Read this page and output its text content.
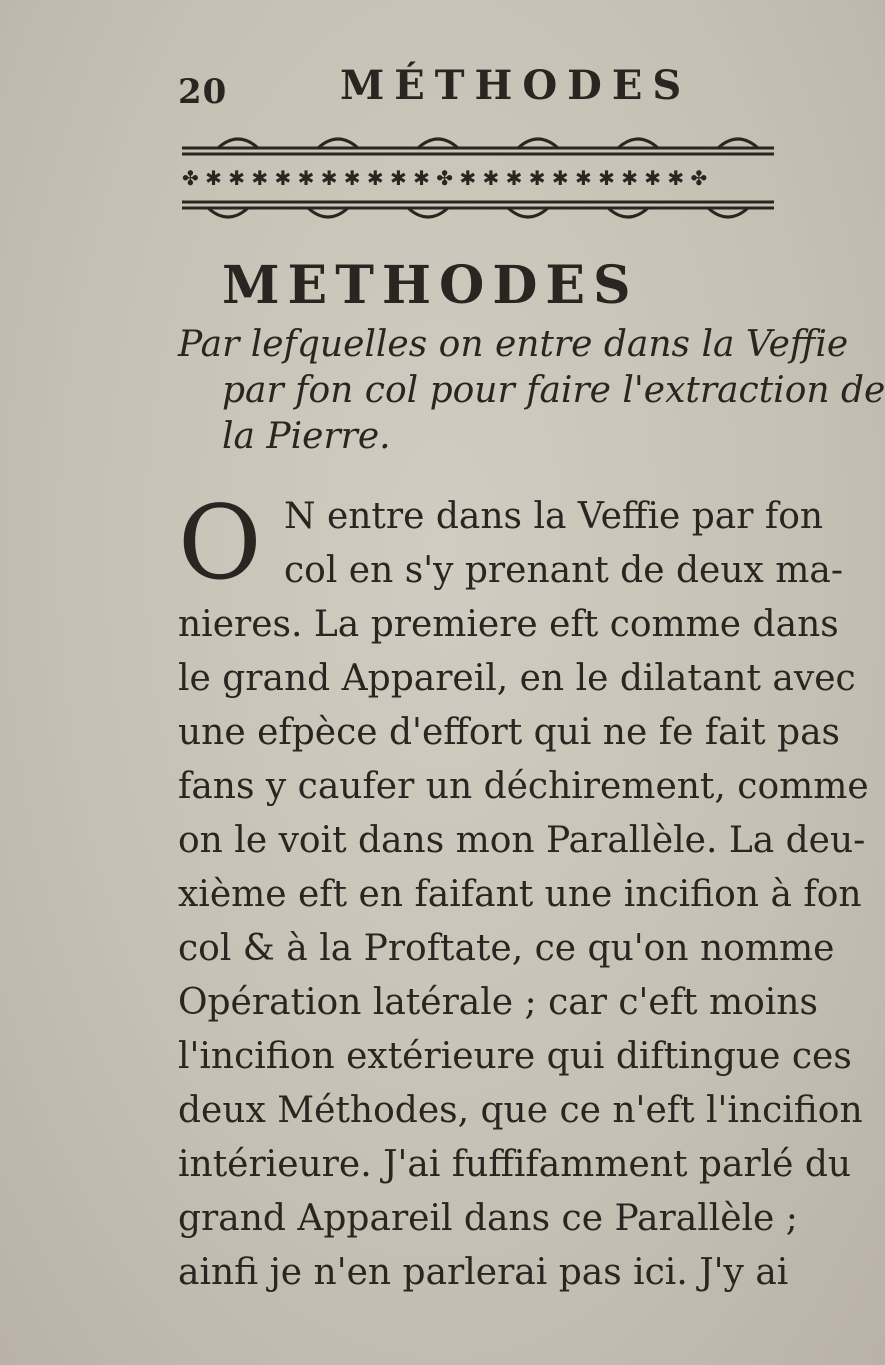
20	MÉTHODES
✤ ✱ ✱ ✱ ✱ ✱ ✱ ✱ ✱ ✱ ✱ ✤ ✱ ✱ ✱ ✱ ✱ ✱ ✱ ✱ ✱ ✱ ✤
METHODES

Par lefquelles on entre dans la Veffie
par fon col pour faire l'extraction de
la Pierre.

O N entre dans la Veffie par fon
col en s'y prenant de deux ma-
nieres. La premiere eft comme dans
le grand Appareil, en le dilatant avec
une efpèce d'effort qui ne fe fait pas
fans y caufer un déchirement, comme
on le voit dans mon Parallèle. La deu-
xième eft en faifant une incifion à fon
col & à la Proftate, ce qu'on nomme
Opération latérale ; car c'eft moins
l'incifion extérieure qui diftingue ces
deux Méthodes, que ce n'eft l'incifion
intérieure. J'ai fuffifamment parlé du
grand Appareil dans ce Parallèle ;
ainfi je n'en parlerai pas ici. J'y ai
